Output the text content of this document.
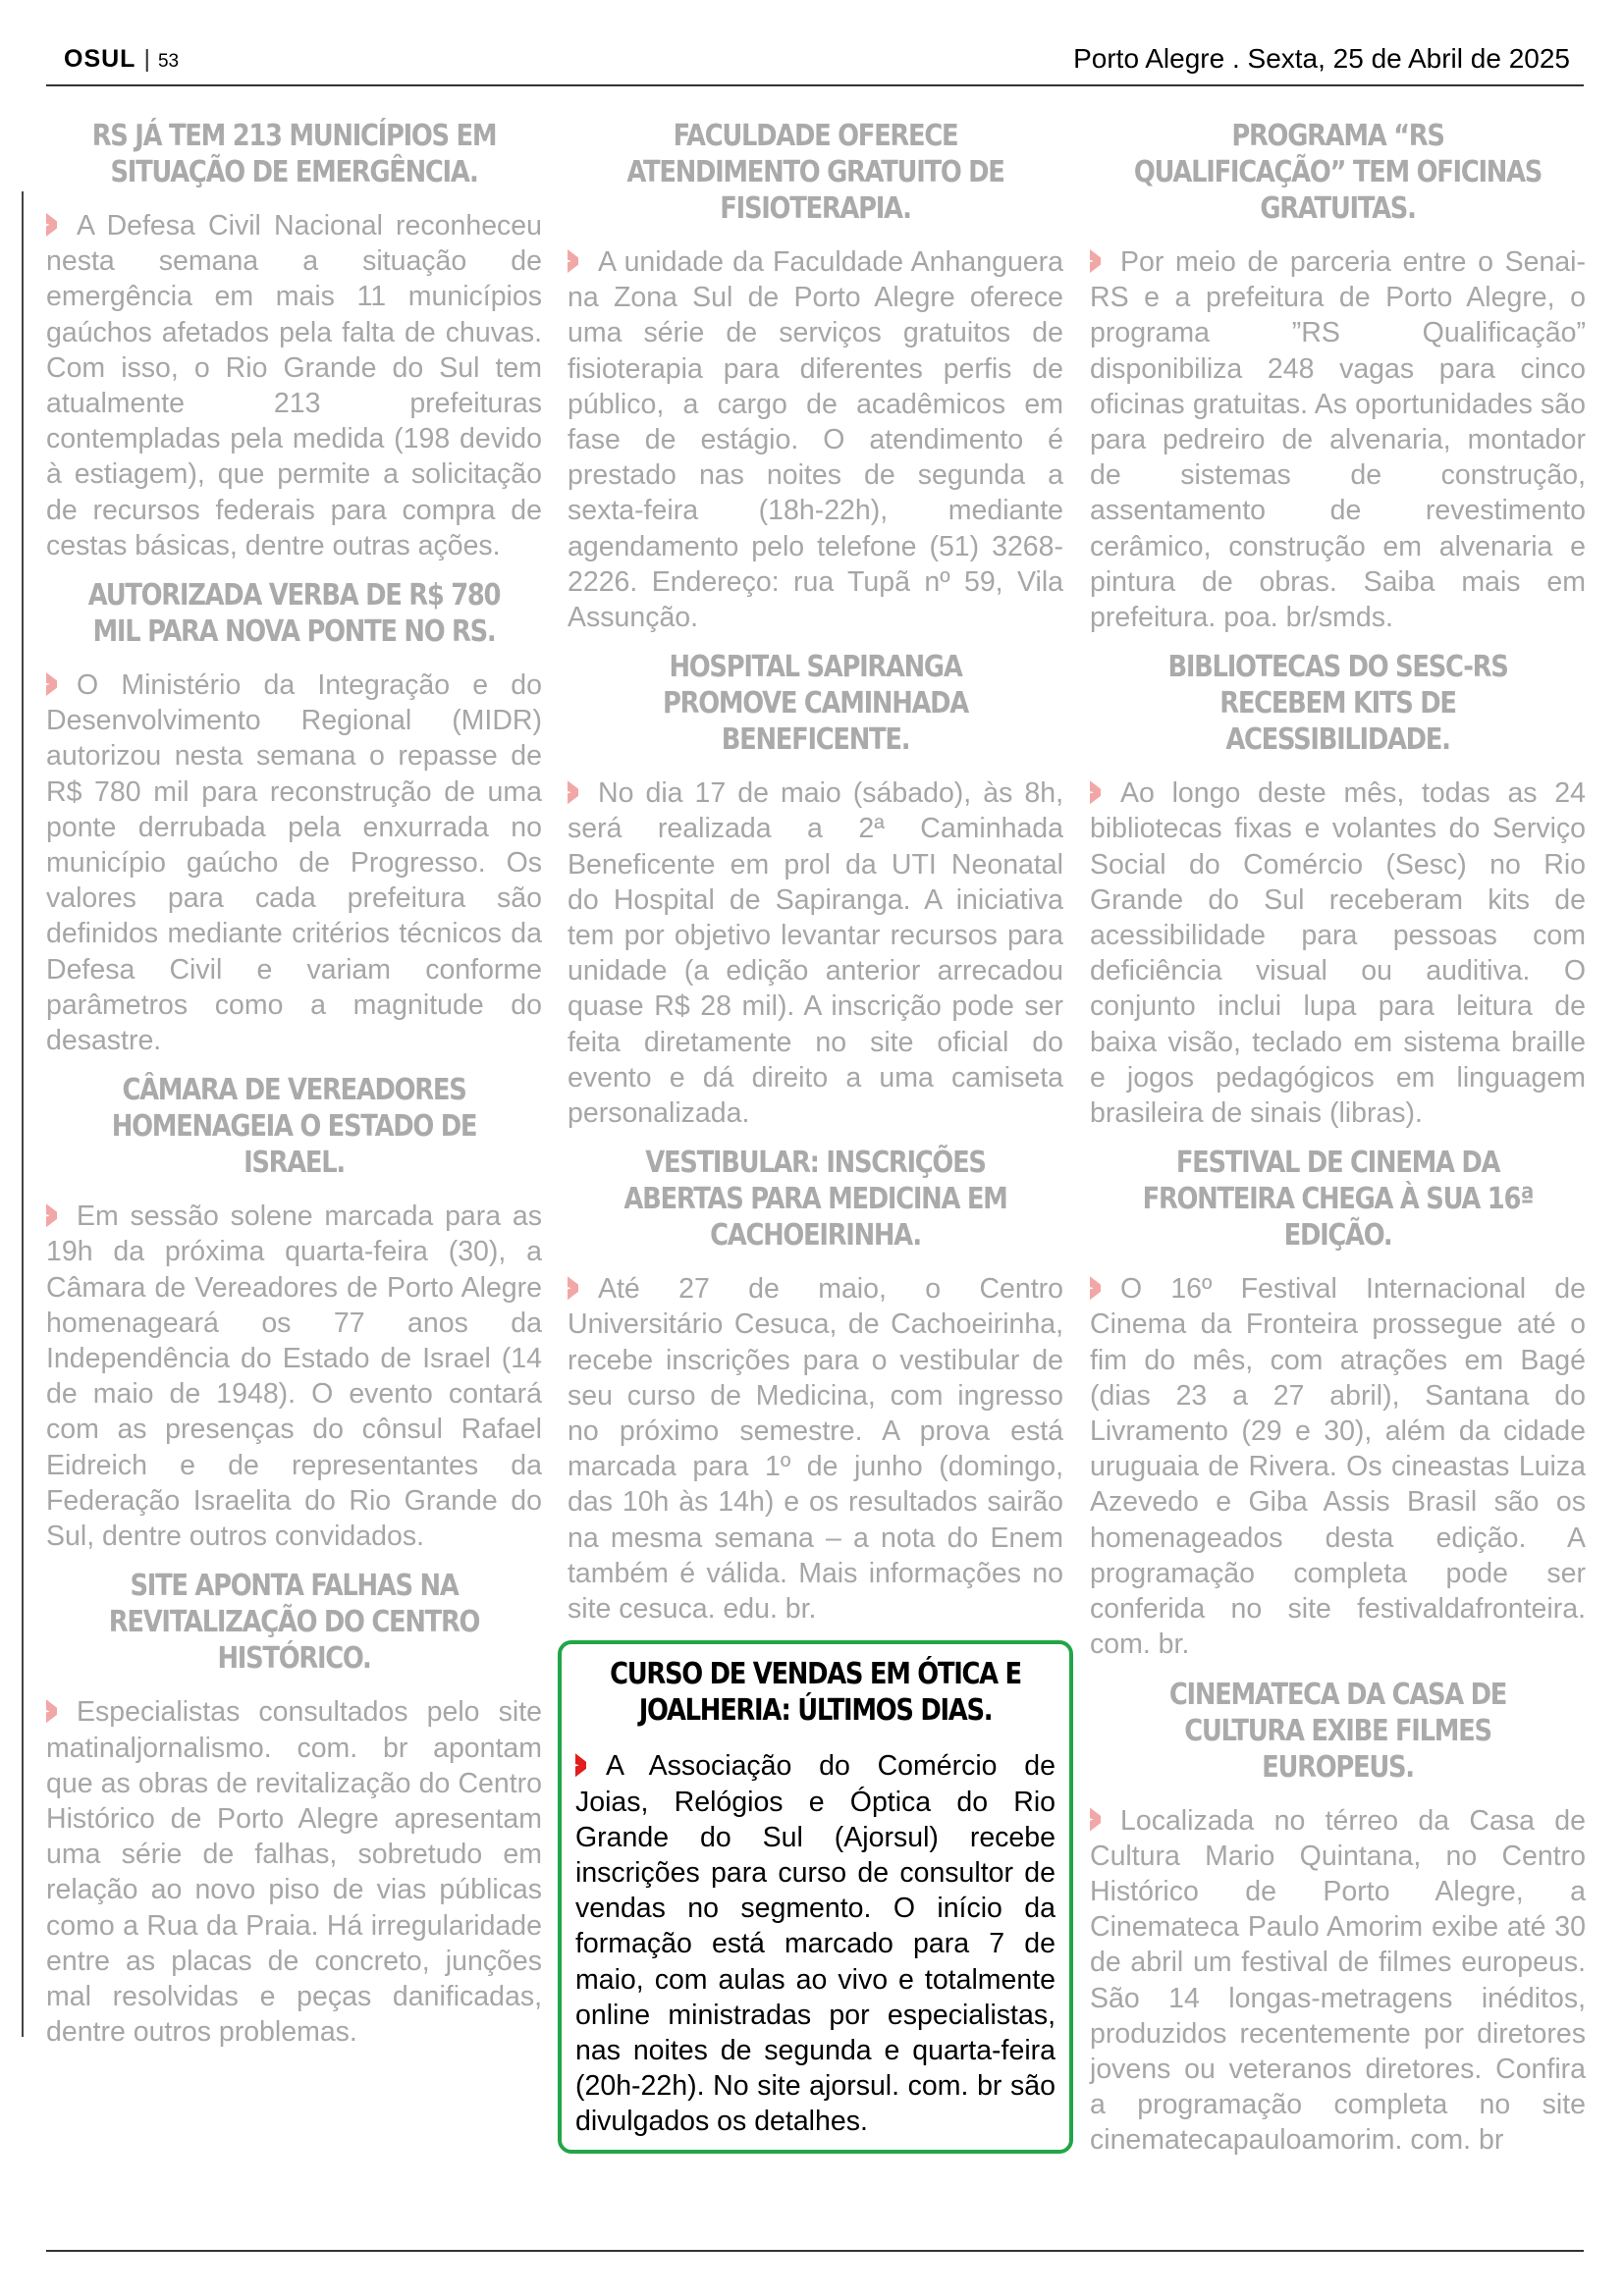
OSUL | 53	Porto Alegre . Sexta, 25 de Abril de 2025
RS JÁ TEM 213 MUNICÍPIOS EM SITUAÇÃO DE EMERGÊNCIA.

A Defesa Civil Nacional reconheceu nesta semana a situação de emergência em mais 11 municípios gaúchos afetados pela falta de chuvas. Com isso, o Rio Grande do Sul tem atualmente 213 prefeituras contempladas pela medida (198 devido à estiagem), que permite a solicitação de recursos federais para compra de cestas básicas, dentre outras ações.

AUTORIZADA VERBA DE R$ 780 MIL PARA NOVA PONTE NO RS.

O Ministério da Integração e do Desenvolvimento Regional (MIDR) autorizou nesta semana o repasse de R$ 780 mil para reconstrução de uma ponte derrubada pela enxurrada no município gaúcho de Progresso. Os valores para cada prefeitura são definidos mediante critérios técnicos da Defesa Civil e variam conforme parâmetros como a magnitude do desastre.

CÂMARA DE VEREADORES HOMENAGEIA O ESTADO DE ISRAEL.

Em sessão solene marcada para as 19h da próxima quarta-feira (30), a Câmara de Vereadores de Porto Alegre homenageará os 77 anos da Independência do Estado de Israel (14 de maio de 1948). O evento contará com as presenças do cônsul Rafael Eidreich e de representantes da Federação Israelita do Rio Grande do Sul, dentre outros convidados.

SITE APONTA FALHAS NA REVITALIZAÇÃO DO CENTRO HISTÓRICO.

Especialistas consultados pelo site matinaljornalismo. com. br apontam que as obras de revitalização do Centro Histórico de Porto Alegre apresentam uma série de falhas, sobretudo em relação ao novo piso de vias públicas como a Rua da Praia. Há irregularidade entre as placas de concreto, junções mal resolvidas e peças danificadas, dentre outros problemas.

FACULDADE OFERECE ATENDIMENTO GRATUITO DE FISIOTERAPIA.

A unidade da Faculdade Anhanguera na Zona Sul de Porto Alegre oferece uma série de serviços gratuitos de fisioterapia para diferentes perfis de público, a cargo de acadêmicos em fase de estágio. O atendimento é prestado nas noites de segunda a sexta-feira (18h-22h), mediante agendamento pelo telefone (51) 3268-2226. Endereço: rua Tupã nº 59, Vila Assunção.

HOSPITAL SAPIRANGA PROMOVE CAMINHADA BENEFICENTE.

No dia 17 de maio (sábado), às 8h, será realizada a 2ª Caminhada Beneficente em prol da UTI Neonatal do Hospital de Sapiranga. A iniciativa tem por objetivo levantar recursos para unidade (a edição anterior arrecadou quase R$ 28 mil). A inscrição pode ser feita diretamente no site oficial do evento e dá direito a uma camiseta personalizada.

VESTIBULAR: INSCRIÇÕES ABERTAS PARA MEDICINA EM CACHOEIRINHA.

Até 27 de maio, o Centro Universitário Cesuca, de Cachoeirinha, recebe inscrições para o vestibular de seu curso de Medicina, com ingresso no próximo semestre. A prova está marcada para 1º de junho (domingo, das 10h às 14h) e os resultados sairão na mesma semana – a nota do Enem também é válida. Mais informações no site cesuca. edu. br.

CURSO DE VENDAS EM ÓTICA E JOALHERIA: ÚLTIMOS DIAS.

A Associação do Comércio de Joias, Relógios e Óptica do Rio Grande do Sul (Ajorsul) recebe inscrições para curso de consultor de vendas no segmento. O início da formação está marcado para 7 de maio, com aulas ao vivo e totalmente online ministradas por especialistas, nas noites de segunda e quarta-feira (20h-22h). No site ajorsul. com. br são divulgados os detalhes.

PROGRAMA “RS QUALIFICAÇÃO” TEM OFICINAS GRATUITAS.

Por meio de parceria entre o Senai-RS e a prefeitura de Porto Alegre, o programa ”RS Qualificação” disponibiliza 248 vagas para cinco oficinas gratuitas. As oportunidades são para pedreiro de alvenaria, montador de sistemas de construção, assentamento de revestimento cerâmico, construção em alvenaria e pintura de obras. Saiba mais em prefeitura. poa. br/smds.

BIBLIOTECAS DO SESC-RS RECEBEM KITS DE ACESSIBILIDADE.

Ao longo deste mês, todas as 24 bibliotecas fixas e volantes do Serviço Social do Comércio (Sesc) no Rio Grande do Sul receberam kits de acessibilidade para pessoas com deficiência visual ou auditiva. O conjunto inclui lupa para leitura de baixa visão, teclado em sistema braille e jogos pedagógicos em linguagem brasileira de sinais (libras).

FESTIVAL DE CINEMA DA FRONTEIRA CHEGA À SUA 16ª EDIÇÃO.

O 16º Festival Internacional de Cinema da Fronteira prossegue até o fim do mês, com atrações em Bagé (dias 23 a 27 abril), Santana do Livramento (29 e 30), além da cidade uruguaia de Rivera. Os cineastas Luiza Azevedo e Giba Assis Brasil são os homenageados desta edição. A programação completa pode ser conferida no site festivaldafronteira. com. br.

CINEMATECA DA CASA DE CULTURA EXIBE FILMES EUROPEUS.

Localizada no térreo da Casa de Cultura Mario Quintana, no Centro Histórico de Porto Alegre, a Cinemateca Paulo Amorim exibe até 30 de abril um festival de filmes europeus. São 14 longas-metragens inéditos, produzidos recentemente por diretores jovens ou veteranos diretores. Confira a programação completa no site cinematecapauloamorim. com. br
